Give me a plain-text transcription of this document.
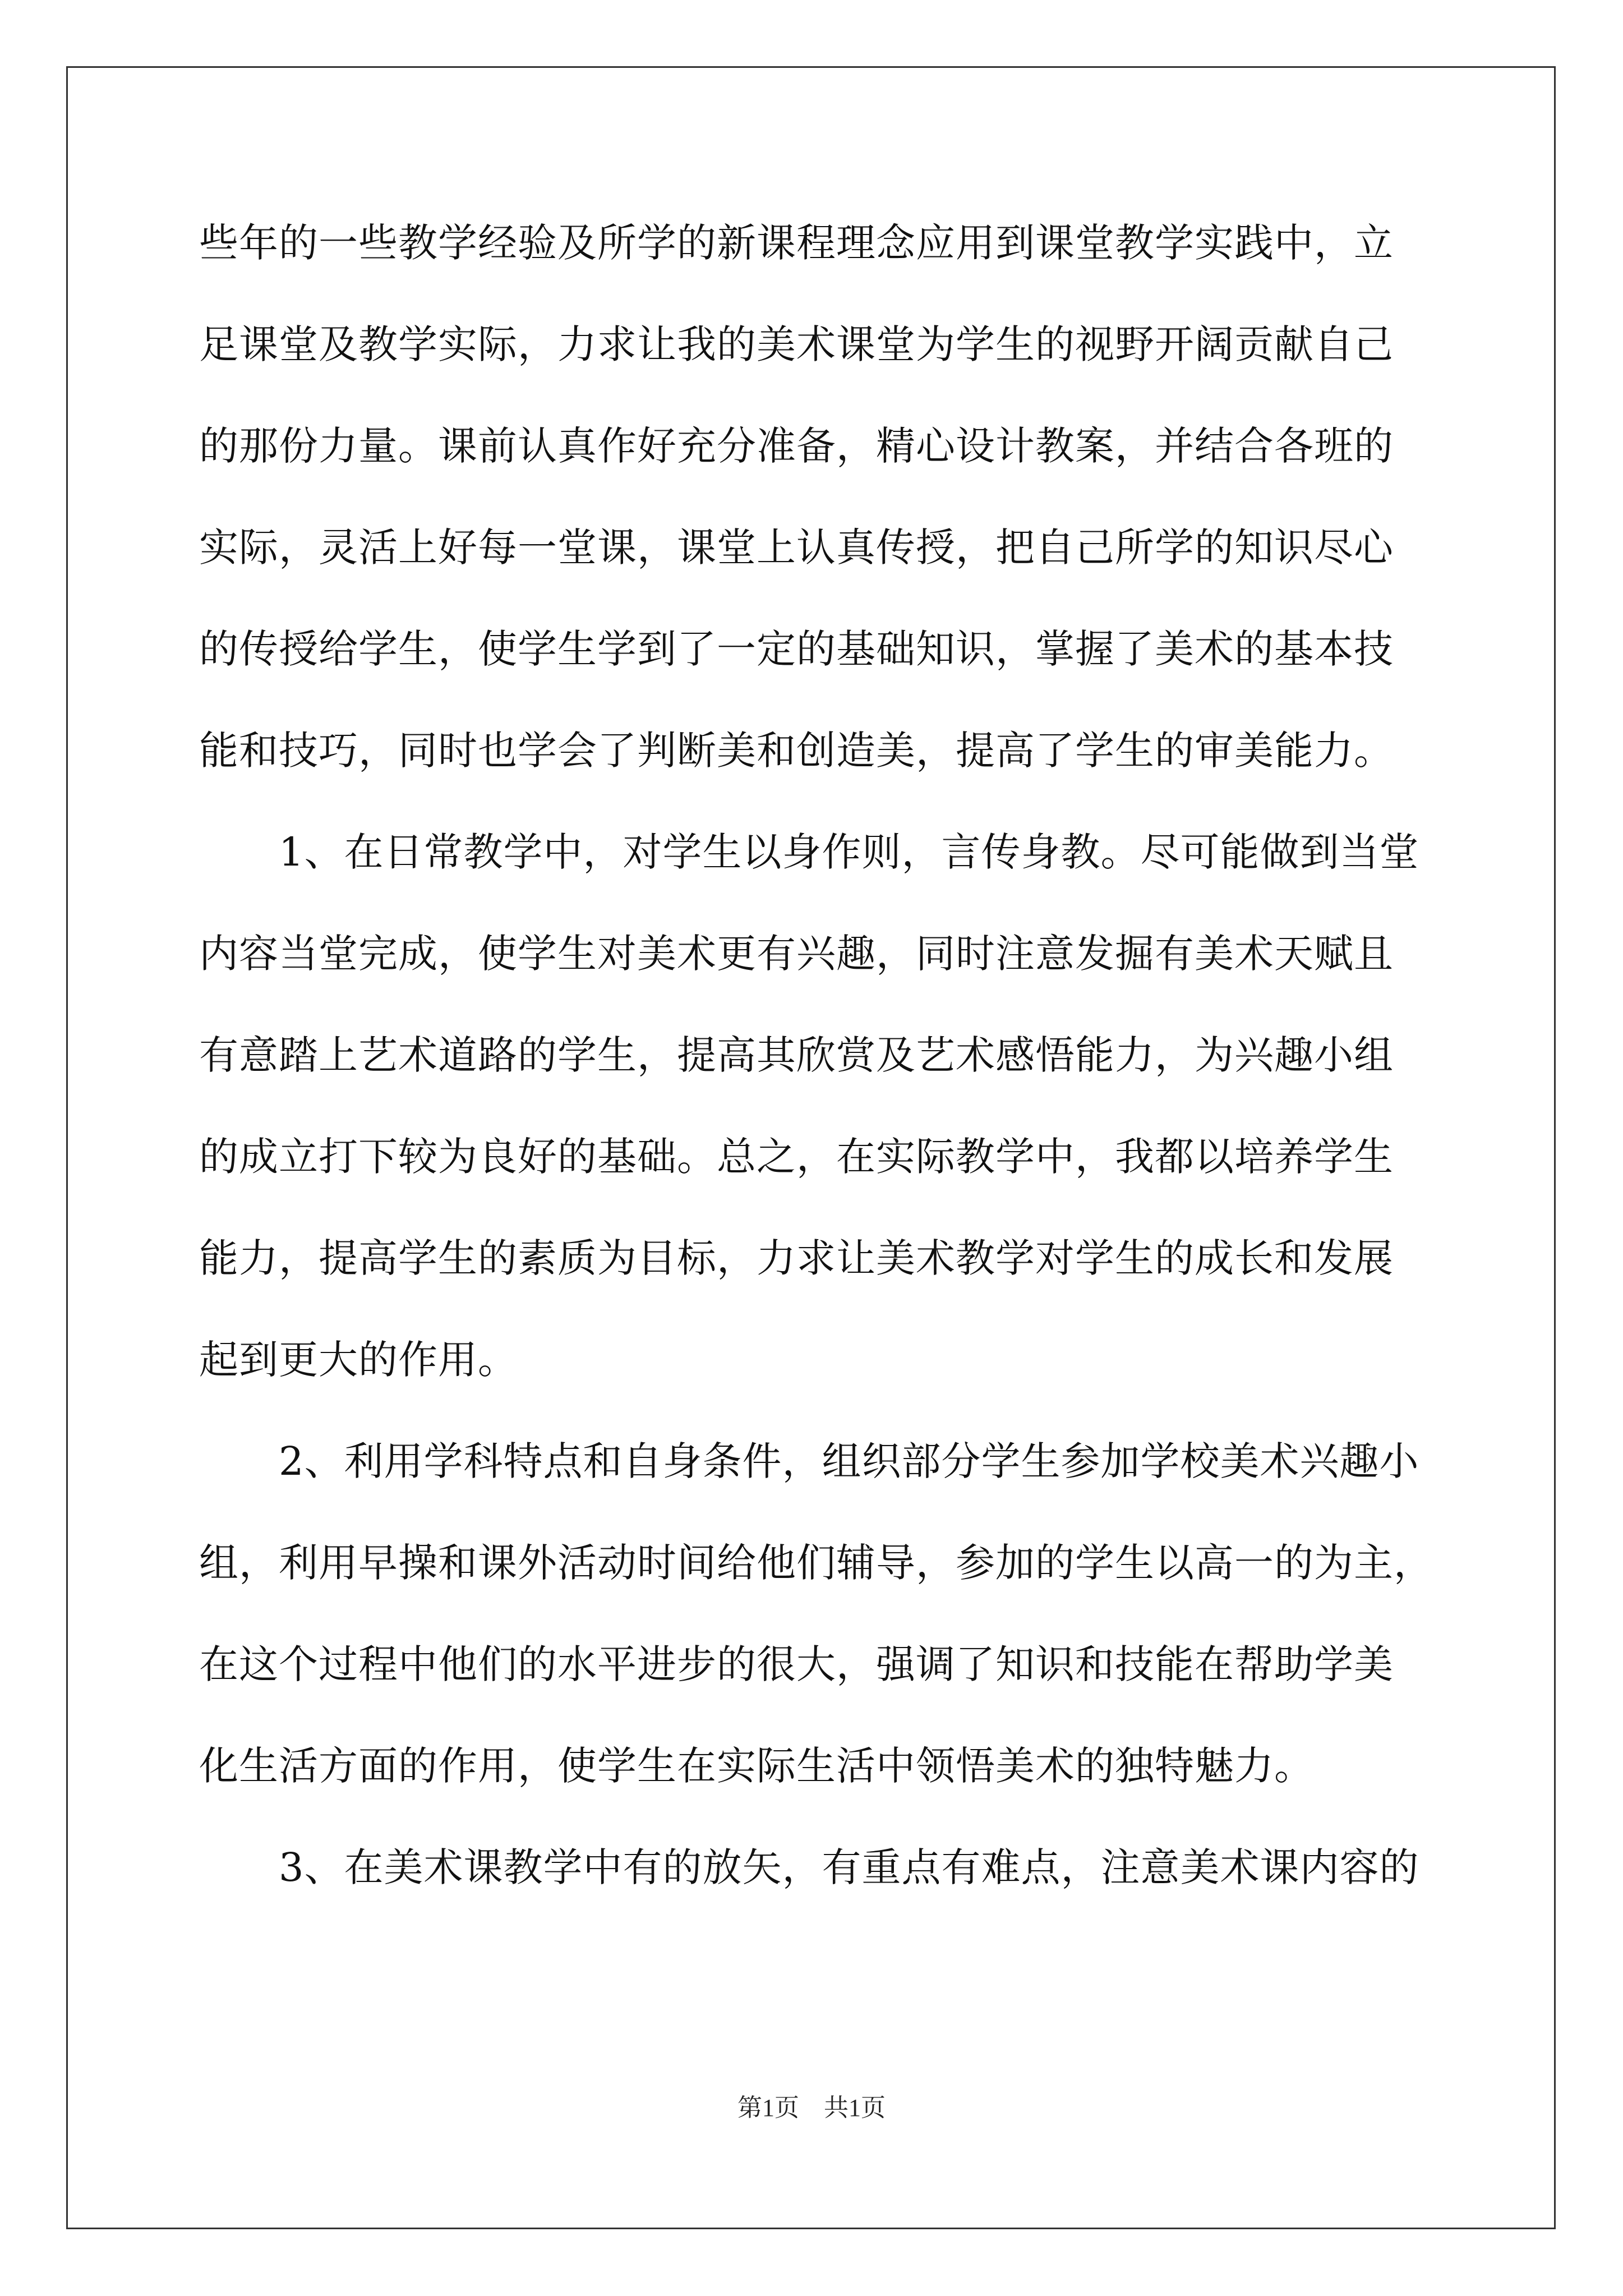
些年的一些教学经验及所学的新课程理念应用到课堂教学实践中，立
足课堂及教学实际，力求让我的美术课堂为学生的视野开阔贡献自己
的那份力量。课前认真作好充分准备，精心设计教案，并结合各班的
实际，灵活上好每一堂课，课堂上认真传授，把自己所学的知识尽心
的传授给学生，使学生学到了一定的基础知识，掌握了美术的基本技
能和技巧，同时也学会了判断美和创造美，提高了学生的审美能力。
　　1、在日常教学中，对学生以身作则，言传身教。尽可能做到当堂
内容当堂完成，使学生对美术更有兴趣，同时注意发掘有美术天赋且
有意踏上艺术道路的学生，提高其欣赏及艺术感悟能力，为兴趣小组
的成立打下较为良好的基础。总之，在实际教学中，我都以培养学生
能力，提高学生的素质为目标，力求让美术教学对学生的成长和发展
起到更大的作用。
　　2、利用学科特点和自身条件，组织部分学生参加学校美术兴趣小
组，利用早操和课外活动时间给他们辅导，参加的学生以高一的为主，
在这个过程中他们的水平进步的很大，强调了知识和技能在帮助学美
化生活方面的作用，使学生在实际生活中领悟美术的独特魅力。
　　3、在美术课教学中有的放矢，有重点有难点，注意美术课内容的
第1页　共1页
